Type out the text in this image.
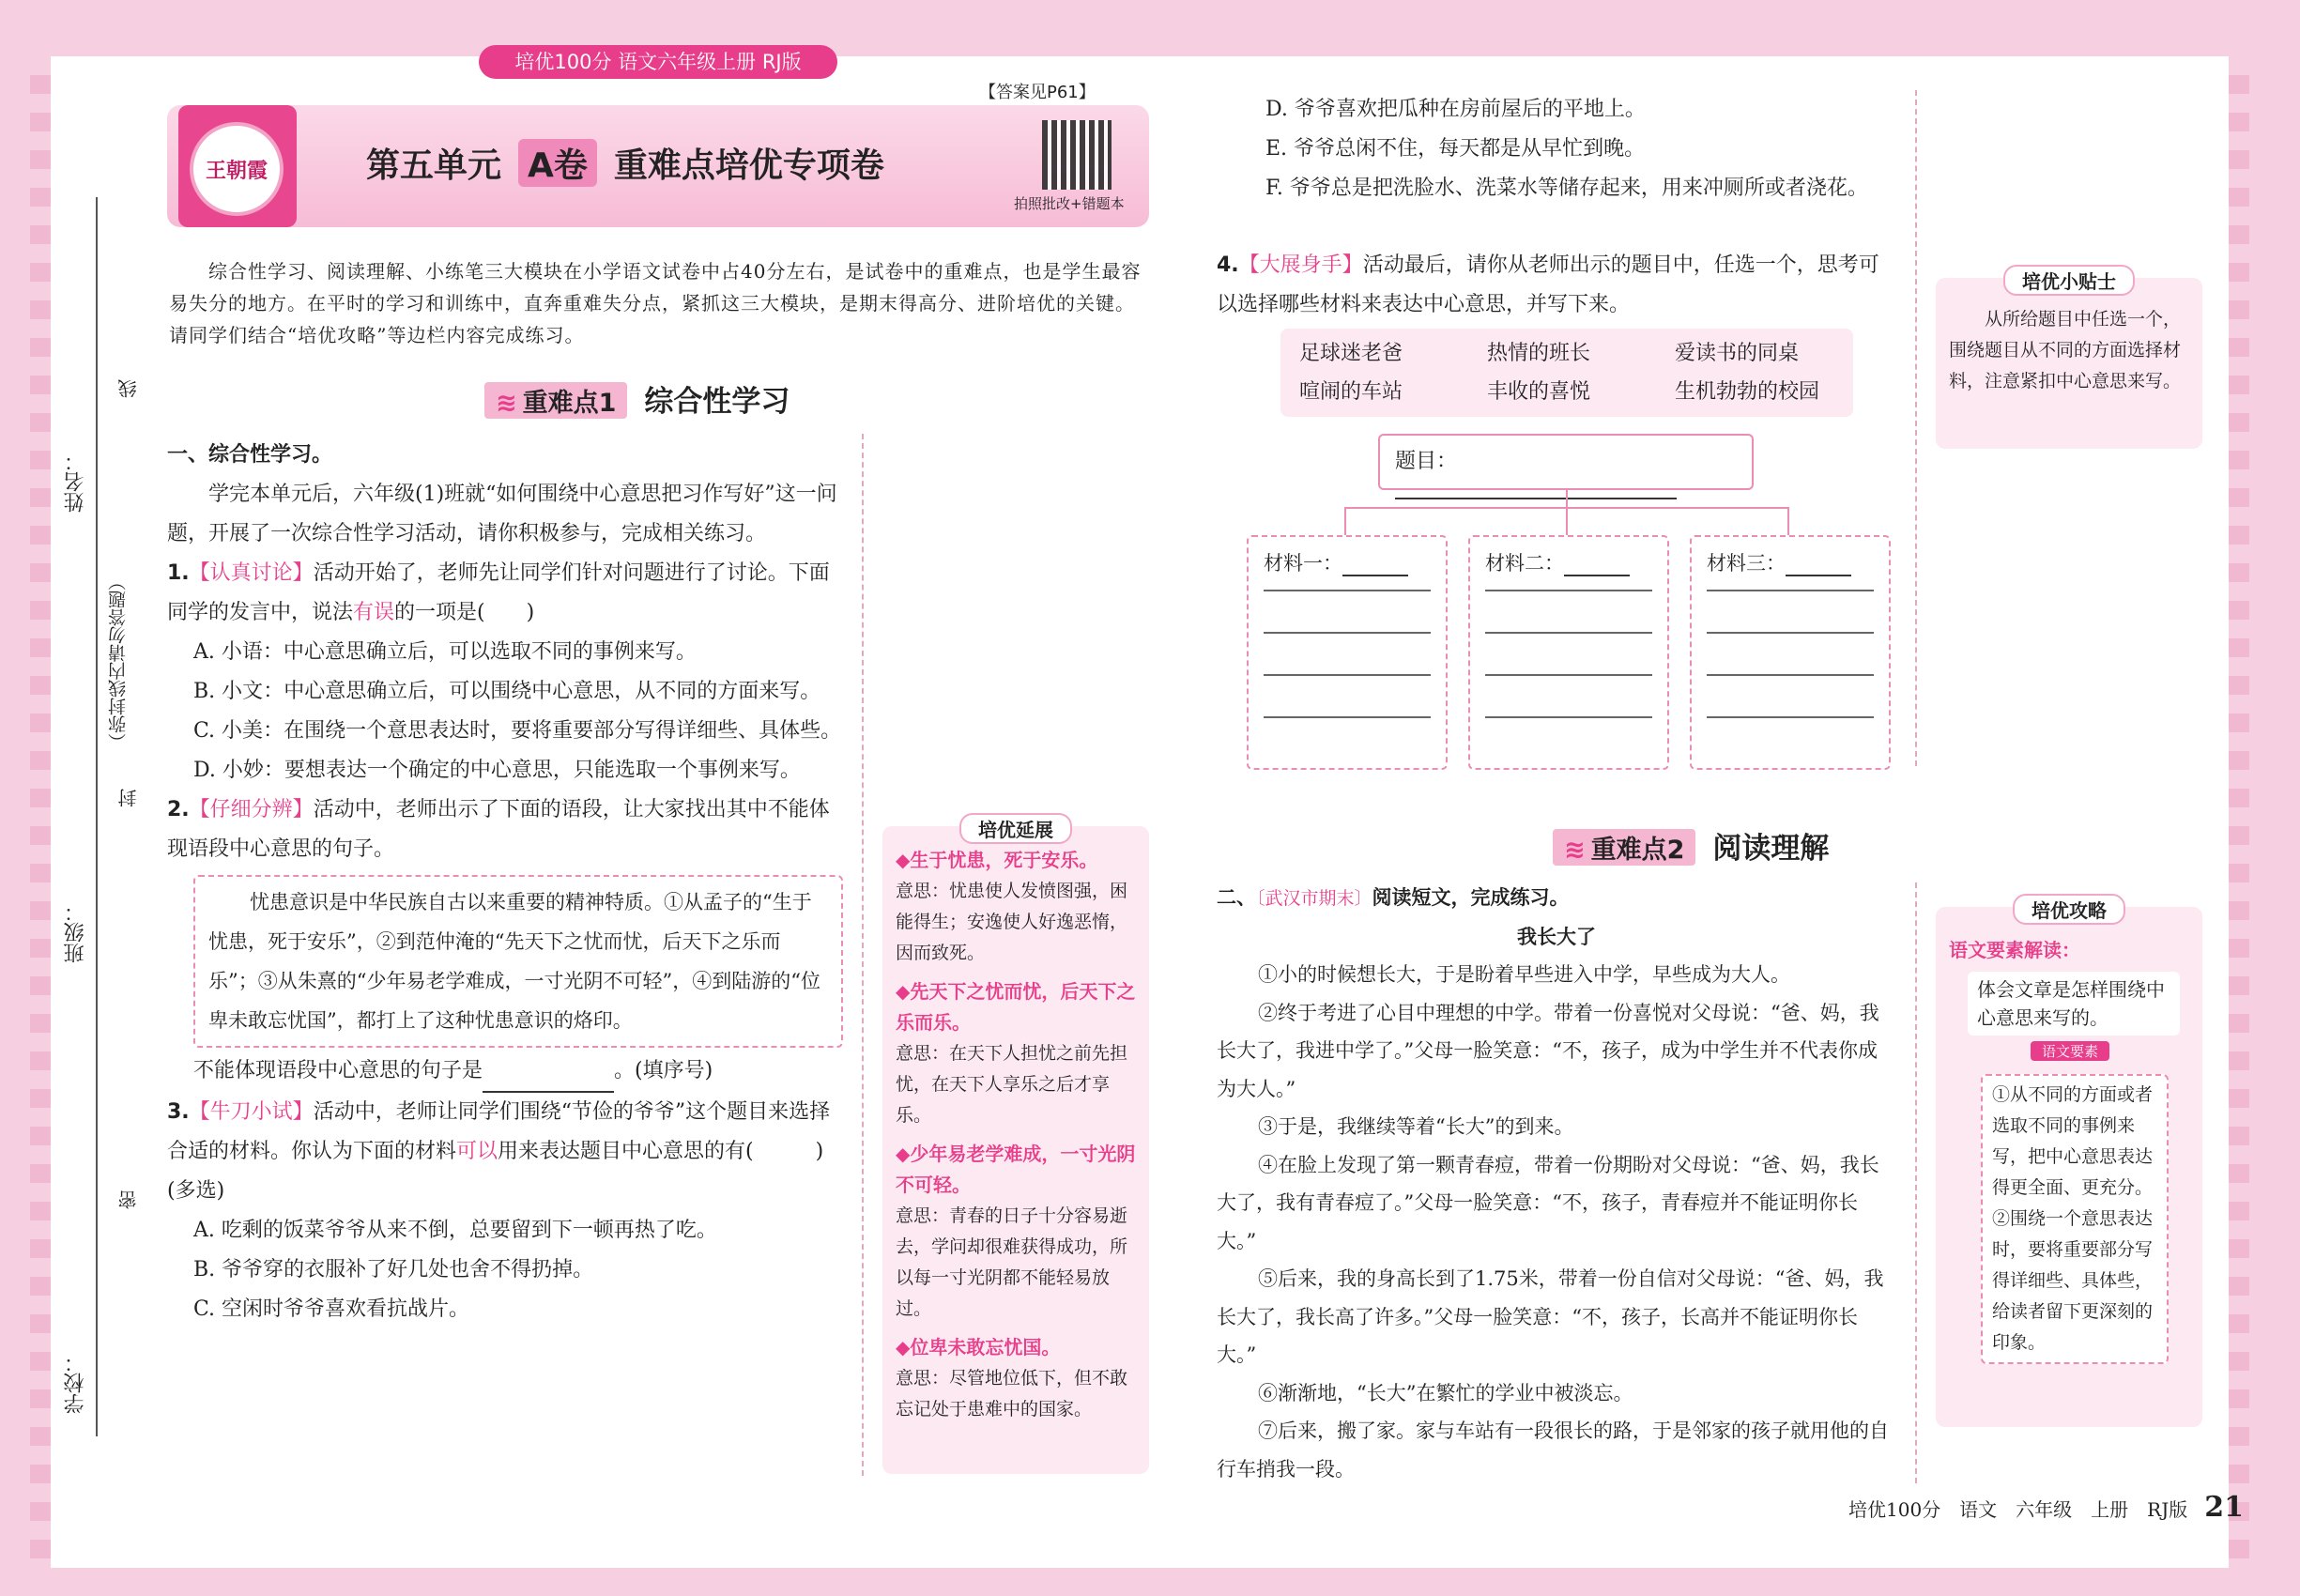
培优100分 语文六年级上册 RJ版
【答案见P61】
王朝霞	第五单元 A卷 重难点培优专项卷
拍照批改+错题本
姓名：
线
（弥封线内请勿答题）
封
班级：
密
学校：
综合性学习、阅读理解、小练笔三大模块在小学语文试卷中占40分左右，是试卷中的重难点，也是学生最容易失分的地方。在平时的学习和训练中，直奔重难失分点，紧抓这三大模块，是期末得高分、进阶培优的关键。请同学们结合“培优攻略”等边栏内容完成练习。
≋ 重难点1 综合性学习
一、综合性学习。
学完本单元后，六年级(1)班就“如何围绕中心意思把习作写好”这一问题，开展了一次综合性学习活动，请你积极参与，完成相关练习。
1.【认真讨论】活动开始了，老师先让同学们针对问题进行了讨论。下面同学的发言中，说法有误的一项是(　　)
A. 小语：中心意思确立后，可以选取不同的事例来写。
B. 小文：中心意思确立后，可以围绕中心意思，从不同的方面来写。
C. 小美：在围绕一个意思表达时，要将重要部分写得详细些、具体些。
D. 小妙：要想表达一个确定的中心意思，只能选取一个事例来写。
2.【仔细分辨】活动中，老师出示了下面的语段，让大家找出其中不能体现语段中心意思的句子。
忧患意识是中华民族自古以来重要的精神特质。①从孟子的“生于忧患，死于安乐”，②到范仲淹的“先天下之忧而忧，后天下之乐而乐”；③从朱熹的“少年易老学难成，一寸光阴不可轻”，④到陆游的“位卑未敢忘忧国”，都打上了这种忧患意识的烙印。
不能体现语段中心意思的句子是	。(填序号)
3.【牛刀小试】活动中，老师让同学们围绕“节俭的爷爷”这个题目来选择合适的材料。你认为下面的材料可以用来表达题目中心意思的有(　　　)(多选)
A. 吃剩的饭菜爷爷从来不倒，总要留到下一顿再热了吃。
B. 爷爷穿的衣服补了好几处也舍不得扔掉。
C. 空闲时爷爷喜欢看抗战片。
培优延展

◆生于忧患，死于安乐。

意思：忧患使人发愤图强，困能得生；安逸使人好逸恶惰，因而致死。

◆先天下之忧而忧，后天下之乐而乐。

意思：在天下人担忧之前先担忧，在天下人享乐之后才享乐。

◆少年易老学难成，一寸光阴不可轻。

意思：青春的日子十分容易逝去，学问却很难获得成功，所以每一寸光阴都不能轻易放过。

◆位卑未敢忘忧国。

意思：尽管地位低下，但不敢忘记处于患难中的国家。

D. 爷爷喜欢把瓜种在房前屋后的平地上。
E. 爷爷总闲不住，每天都是从早忙到晚。
F. 爷爷总是把洗脸水、洗菜水等储存起来，用来冲厕所或者浇花。
4.【大展身手】活动最后，请你从老师出示的题目中，任选一个，思考可以选择哪些材料来表达中心意思，并写下来。
足球迷老爸	热情的班长	爱读书的同桌
喧闹的车站	丰收的喜悦	生机勃勃的校园
题目：
材料一：	材料二：	材料三：
培优小贴士

从所给题目中任选一个，围绕题目从不同的方面选择材料，注意紧扣中心意思来写。

≋ 重难点2 阅读理解
二、〔武汉市期末〕阅读短文，完成练习。
我长大了
①小的时候想长大，于是盼着早些进入中学，早些成为大人。
②终于考进了心目中理想的中学。带着一份喜悦对父母说：“爸、妈，我长大了，我进中学了。”父母一脸笑意：“不，孩子，成为中学生并不代表你成为大人。”
③于是，我继续等着“长大”的到来。
④在脸上发现了第一颗青春痘，带着一份期盼对父母说：“爸、妈，我长大了，我有青春痘了。”父母一脸笑意：“不，孩子，青春痘并不能证明你长大。”
⑤后来，我的身高长到了1.75米，带着一份自信对父母说：“爸、妈，我长大了，我长高了许多。”父母一脸笑意：“不，孩子，长高并不能证明你长大。”
⑥渐渐地，“长大”在繁忙的学业中被淡忘。
⑦后来，搬了家。家与车站有一段很长的路，于是邻家的孩子就用他的自行车捎我一段。
培优攻略

语文要素解读：

体会文章是怎样围绕中心意思来写的。
语文要素

①从不同的方面或者选取不同的事例来写，把中心意思表达得更全面、更充分。

②围绕一个意思表达时，要将重要部分写得详细些、具体些，给读者留下更深刻的印象。

培优100分　语文　六年级　上册　RJ版 21
